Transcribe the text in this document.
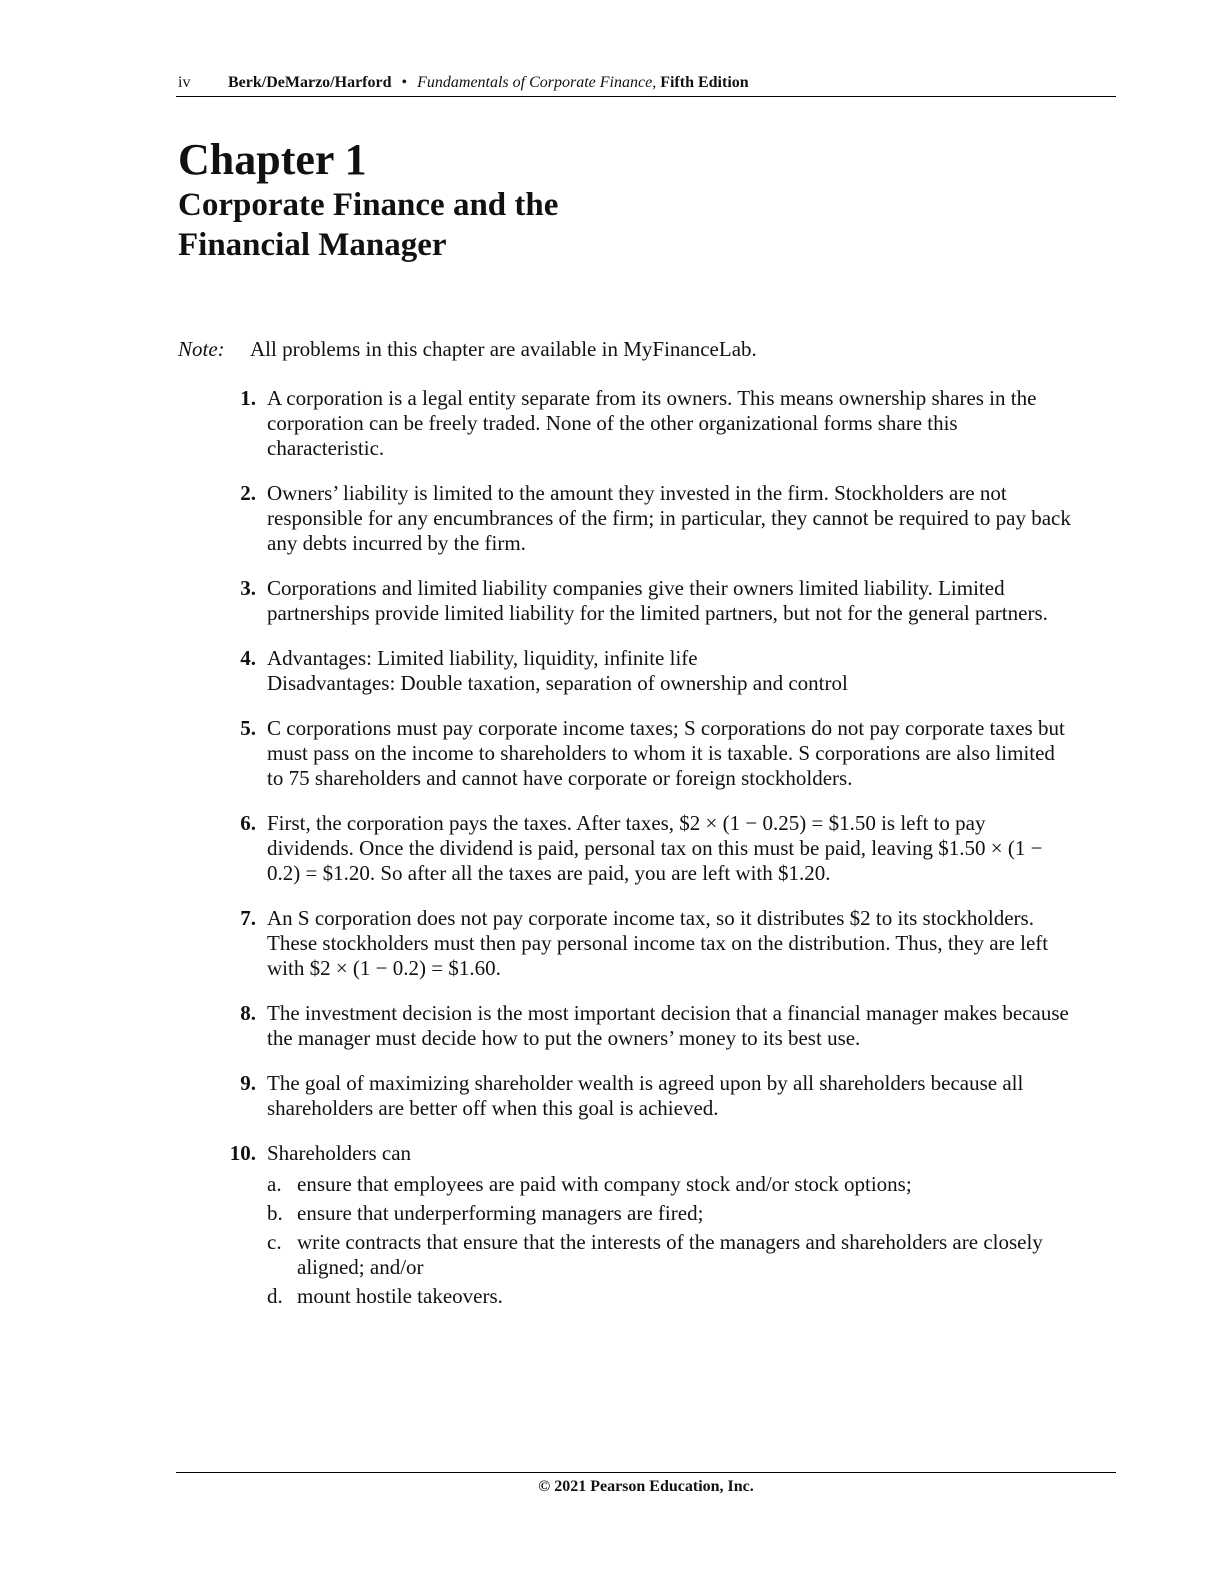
iv Berk/DeMarzo/Harford • Fundamentals of Corporate Finance, Fifth Edition
Chapter 1
Corporate Finance and the
Financial Manager
Note: All problems in this chapter are available in MyFinanceLab.
1. A corporation is a legal entity separate from its owners. This means ownership shares in the
corporation can be freely traded. None of the other organizational forms share this
characteristic.
2. Owners’ liability is limited to the amount they invested in the firm. Stockholders are not
responsible for any encumbrances of the firm; in particular, they cannot be required to pay back
any debts incurred by the firm.
3. Corporations and limited liability companies give their owners limited liability. Limited
partnerships provide limited liability for the limited partners, but not for the general partners.
4. Advantages: Limited liability, liquidity, infinite life
Disadvantages: Double taxation, separation of ownership and control
5. C corporations must pay corporate income taxes; S corporations do not pay corporate taxes but
must pass on the income to shareholders to whom it is taxable. S corporations are also limited
to 75 shareholders and cannot have corporate or foreign stockholders.
6. First, the corporation pays the taxes. After taxes, $2 × (1 − 0.25) = $1.50 is left to pay
dividends. Once the dividend is paid, personal tax on this must be paid, leaving $1.50 × (1 −
0.2) = $1.20. So after all the taxes are paid, you are left with $1.20.
7. An S corporation does not pay corporate income tax, so it distributes $2 to its stockholders.
These stockholders must then pay personal income tax on the distribution. Thus, they are left
with $2 × (1 − 0.2) = $1.60.
8. The investment decision is the most important decision that a financial manager makes because
the manager must decide how to put the owners’ money to its best use.
9. The goal of maximizing shareholder wealth is agreed upon by all shareholders because all
shareholders are better off when this goal is achieved.
10. Shareholders can
a. ensure that employees are paid with company stock and/or stock options;
b. ensure that underperforming managers are fired;
c. write contracts that ensure that the interests of the managers and shareholders are closely
aligned; and/or
d. mount hostile takeovers.
© 2021 Pearson Education, Inc.
